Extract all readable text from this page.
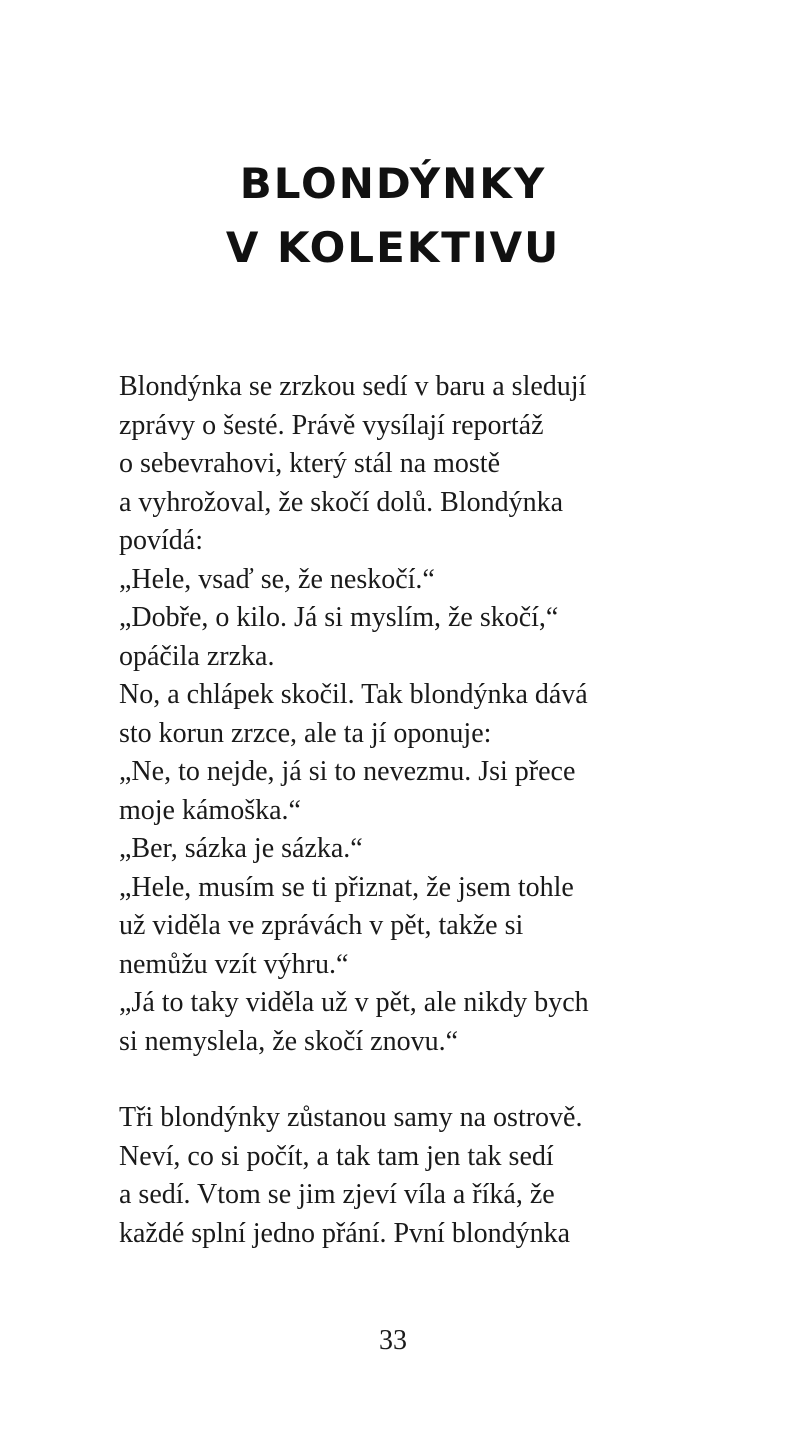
BLONDÝNKY
V KOLEKTIVU

Blondýnka se zrzkou sedí v baru a sledují
zprávy o šesté. Právě vysílají reportáž
o sebevrahovi, který stál na mostě
a vyhrožoval, že skočí dolů. Blondýnka
povídá:
„Hele, vsaď se, že neskočí.“
„Dobře, o kilo. Já si myslím, že skočí,“
opáčila zrzka.
No, a chlápek skočil. Tak blondýnka dává
sto korun zrzce, ale ta jí oponuje:
„Ne, to nejde, já si to nevezmu. Jsi přece
moje kámoška.“
„Ber, sázka je sázka.“
„Hele, musím se ti přiznat, že jsem tohle
už viděla ve zprávách v pět, takže si
nemůžu vzít výhru.“
„Já to taky viděla už v pět, ale nikdy bych
si nemyslela, že skočí znovu.“

Tři blondýnky zůstanou samy na ostrově.
Neví, co si počít, a tak tam jen tak sedí
a sedí. Vtom se jim zjeví víla a říká, že
každé splní jedno přání. Pvní blondýnka

33
